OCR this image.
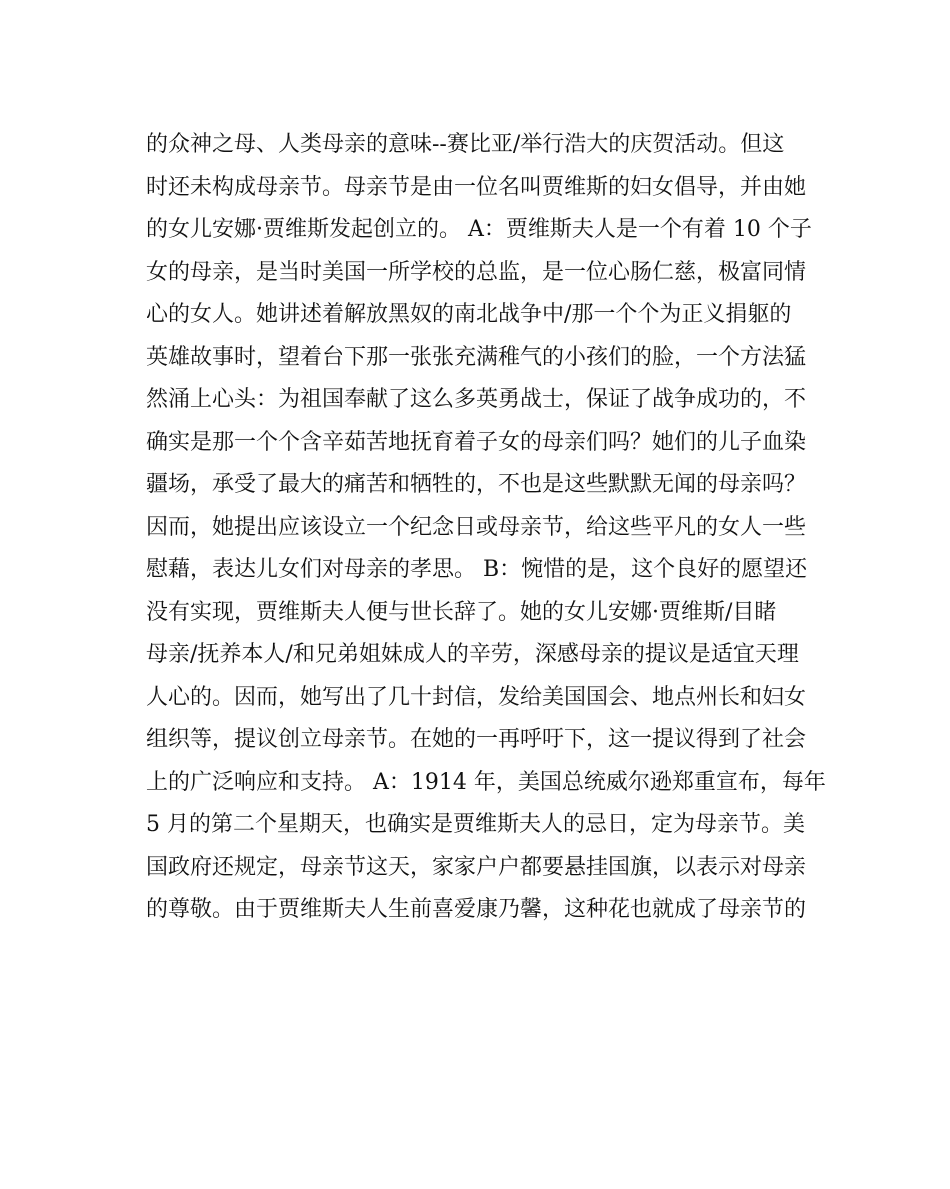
的众神之母、人类母亲的意味--赛比亚/举行浩大的庆贺活动。但这
时还未构成母亲节。母亲节是由一位名叫贾维斯的妇女倡导，并由她
的女儿安娜·贾维斯发起创立的。 A：贾维斯夫人是一个有着 10 个子
女的母亲，是当时美国一所学校的总监，是一位心肠仁慈，极富同情
心的女人。她讲述着解放黑奴的南北战争中/那一个个为正义捐躯的
英雄故事时，望着台下那一张张充满稚气的小孩们的脸，一个方法猛
然涌上心头：为祖国奉献了这么多英勇战士，保证了战争成功的，不
确实是那一个个含辛茹苦地抚育着子女的母亲们吗？她们的儿子血染
疆场，承受了最大的痛苦和牺牲的，不也是这些默默无闻的母亲吗？
因而，她提出应该设立一个纪念日或母亲节，给这些平凡的女人一些
慰藉，表达儿女们对母亲的孝思。 B：惋惜的是，这个良好的愿望还
没有实现，贾维斯夫人便与世长辞了。她的女儿安娜·贾维斯/目睹
母亲/抚养本人/和兄弟姐妹成人的辛劳，深感母亲的提议是适宜天理
人心的。因而，她写出了几十封信，发给美国国会、地点州长和妇女
组织等，提议创立母亲节。在她的一再呼吁下，这一提议得到了社会
上的广泛响应和支持。 A：1914 年，美国总统威尔逊郑重宣布，每年
5 月的第二个星期天，也确实是贾维斯夫人的忌日，定为母亲节。美
国政府还规定，母亲节这天，家家户户都要悬挂国旗，以表示对母亲
的尊敬。由于贾维斯夫人生前喜爱康乃馨，这种花也就成了母亲节的
